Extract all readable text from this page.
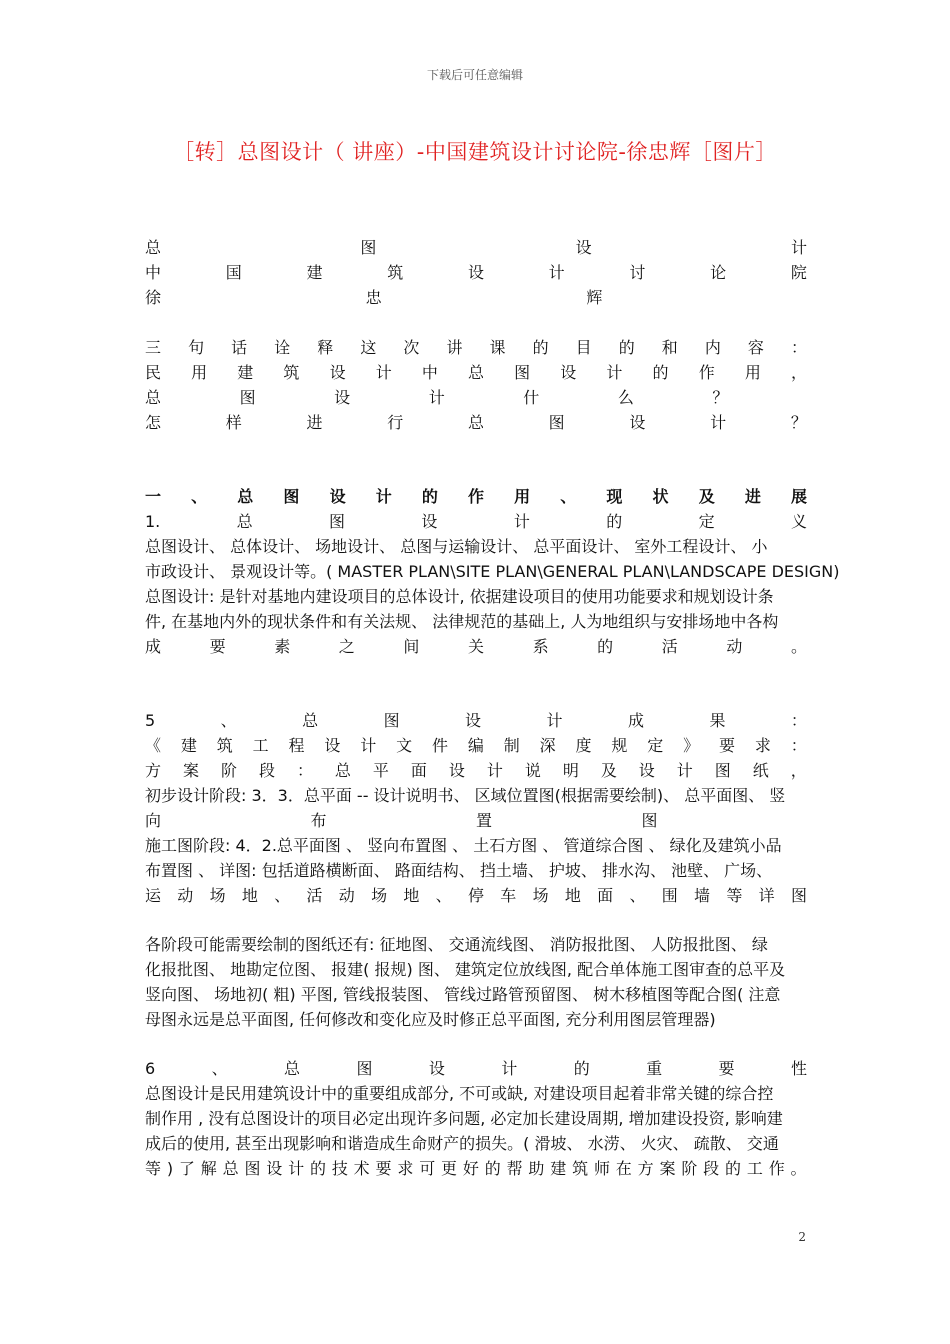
下载后可任意编辑
［转］总图设计（ 讲座）-中国建筑设计讨论院-徐忠辉［图片］
总	图	设	计
中	国	建	筑	设	计	讨	论	院
徐	忠	辉
三 句 话 诠 释 这 次 讲 课 的 目 的 和 内 容 ：
民 用 建 筑 设 计 中 总 图 设 计 的 作 用 ，
总	图	设	计	什	么	？
怎	样	进	行	总	图	设	计	？
一 、 总 图 设 计 的 作 用 、 现 状 及 进 展
1.	总	图	设	计	的	定	义
总图设计、 总体设计、 场地设计、 总图与运输设计、 总平面设计、 室外工程设计、 小
市政设计、 景观设计等。( MASTER PLAN\SITE PLAN\GENERAL PLAN\LANDSCAPE DESIGN)
总图设计: 是针对基地内建设项目的总体设计, 依据建设项目的使用功能要求和规划设计条
件, 在基地内外的现状条件和有关法规、 法律规范的基础上, 人为地组织与安排场地中各构
成	要	素	之	间	关	系	的	活	动	。
5	、	总	图	设	计	成	果	：
《 建 筑 工 程 设 计 文 件 编 制 深 度 规 定 》 要 求 ：
方 案 阶 段 ： 总 平 面 设 计 说 明 及 设 计 图 纸 ，
初步设计阶段: 3．3．总平面 -- 设计说明书、 区域位置图(根据需要绘制)、 总平面图、 竖
向	布	置	图
施工图阶段: 4．2.总平面图 、 竖向布置图 、 土石方图 、 管道综合图 、 绿化及建筑小品
布置图 、 详图: 包括道路横断面、 路面结构、 挡土墙、 护坡、 排水沟、 池壁、 广场、
运 动 场 地 、 活 动 场 地 、 停 车 场 地 面 、 围 墙 等 详 图
各阶段可能需要绘制的图纸还有: 征地图、 交通流线图、 消防报批图、 人防报批图、 绿
化报批图、 地勘定位图、 报建( 报规) 图、 建筑定位放线图, 配合单体施工图审查的总平及
竖向图、 场地初( 粗) 平图, 管线报装图、 管线过路管预留图、 树木移植图等配合图( 注意
母图永远是总平面图, 任何修改和变化应及时修正总平面图, 充分利用图层管理器)
6	、	总	图	设	计	的	重	要	性
总图设计是民用建筑设计中的重要组成部分, 不可或缺, 对建设项目起着非常关键的综合控
制作用 , 没有总图设计的项目必定出现许多问题, 必定加长建设周期, 增加建设投资, 影响建
成后的使用, 甚至出现影响和谐造成生命财产的损失。( 滑坡、 水涝、 火灾、 疏散、 交通
等 ) 了 解 总 图 设 计 的 技 术 要 求 可 更 好 的 帮 助 建 筑 师 在 方 案 阶 段 的 工 作 。
2
